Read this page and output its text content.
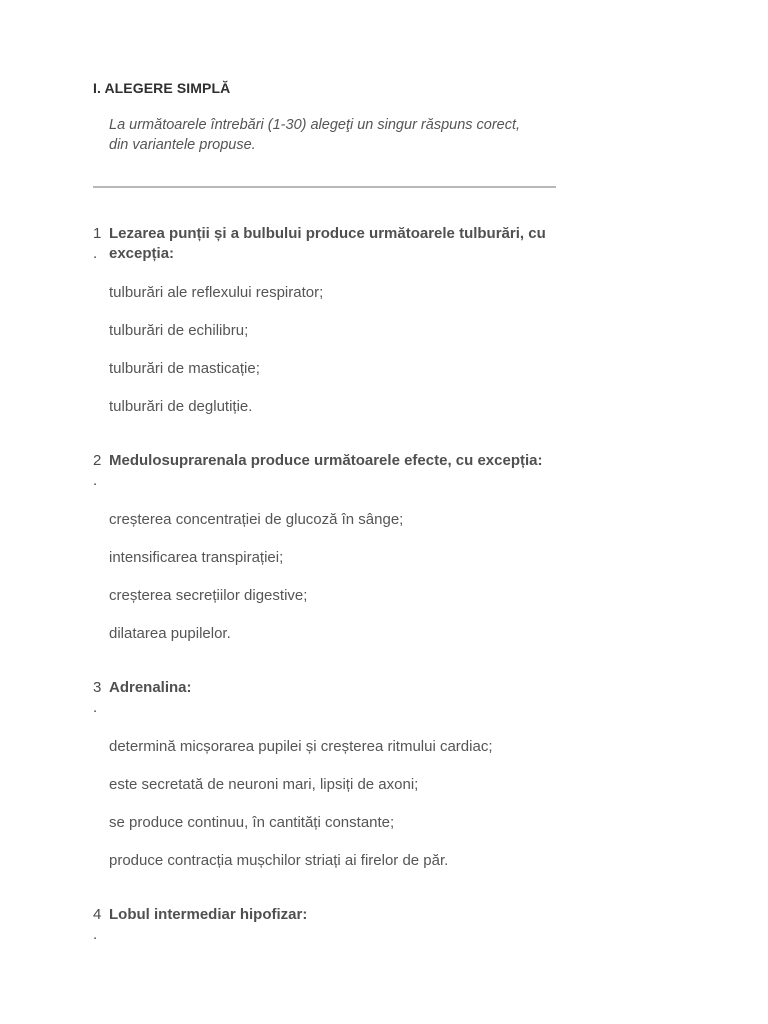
I. ALEGERE SIMPLĂ
La următoarele întrebări (1-30) alegeţi un singur răspuns corect,
din variantele propuse.
1
.
Lezarea punții și a bulbului produce următoarele tulburări, cu excepția:
tulburări ale reflexului respirator;
tulburări de echilibru;
tulburări de masticație;
tulburări de deglutiție.
2
.
Medulosuprarenala produce următoarele efecte, cu excepția:
creșterea concentrației de glucoză în sânge;
intensificarea transpirației;
creșterea secrețiilor digestive;
dilatarea pupilelor.
3
.
Adrenalina:
determină micșorarea pupilei și creșterea ritmului cardiac;
este secretată de neuroni mari, lipsiți de axoni;
se produce continuu, în cantități constante;
produce contracția mușchilor striați ai firelor de păr.
4
.
Lobul intermediar hipofizar:
